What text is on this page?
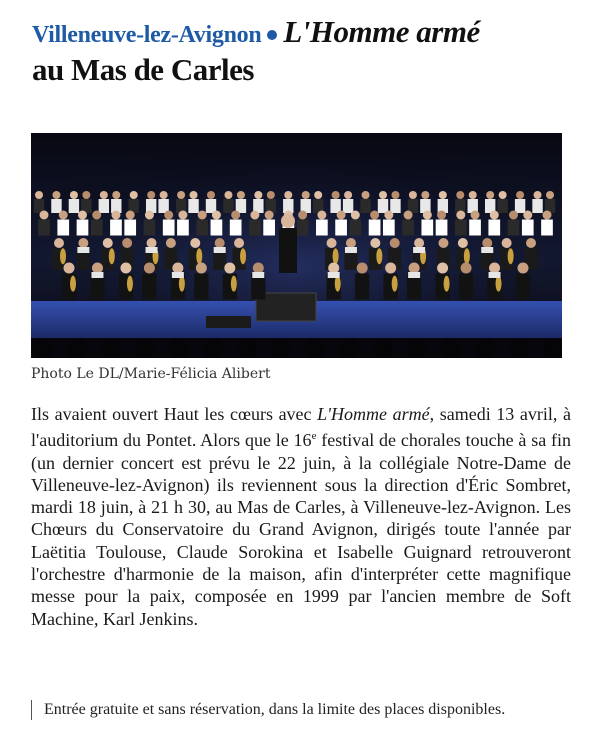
Villeneuve-lez-Avignon L'Homme armé
au Mas de Carles
Photo Le DL/Marie-Félicia Alibert
Ils avaient ouvert Haut les cœurs avec L'Homme armé, samedi 13 avril, à l'auditorium du Pontet. Alors que le 16e festival de chorales touche à sa fin (un dernier concert est prévu le 22 juin, à la collégiale Notre-Dame de Villeneuve-lez-Avignon) ils reviennent sous la direction d'Éric Sombret, mardi 18 juin, à 21 h 30, au Mas de Carles, à Villeneuve-lez-Avignon. Les Chœurs du Conservatoire du Grand Avignon, dirigés toute l'année par Laëtitia Toulouse, Claude Sorokina et Isabelle Guignard retrouveront l'orchestre d'harmonie de la maison, afin d'interpréter cette magnifique messe pour la paix, composée en 1999 par l'ancien membre de Soft Machine, Karl Jenkins.
Entrée gratuite et sans réservation, dans la limite des places disponibles.
